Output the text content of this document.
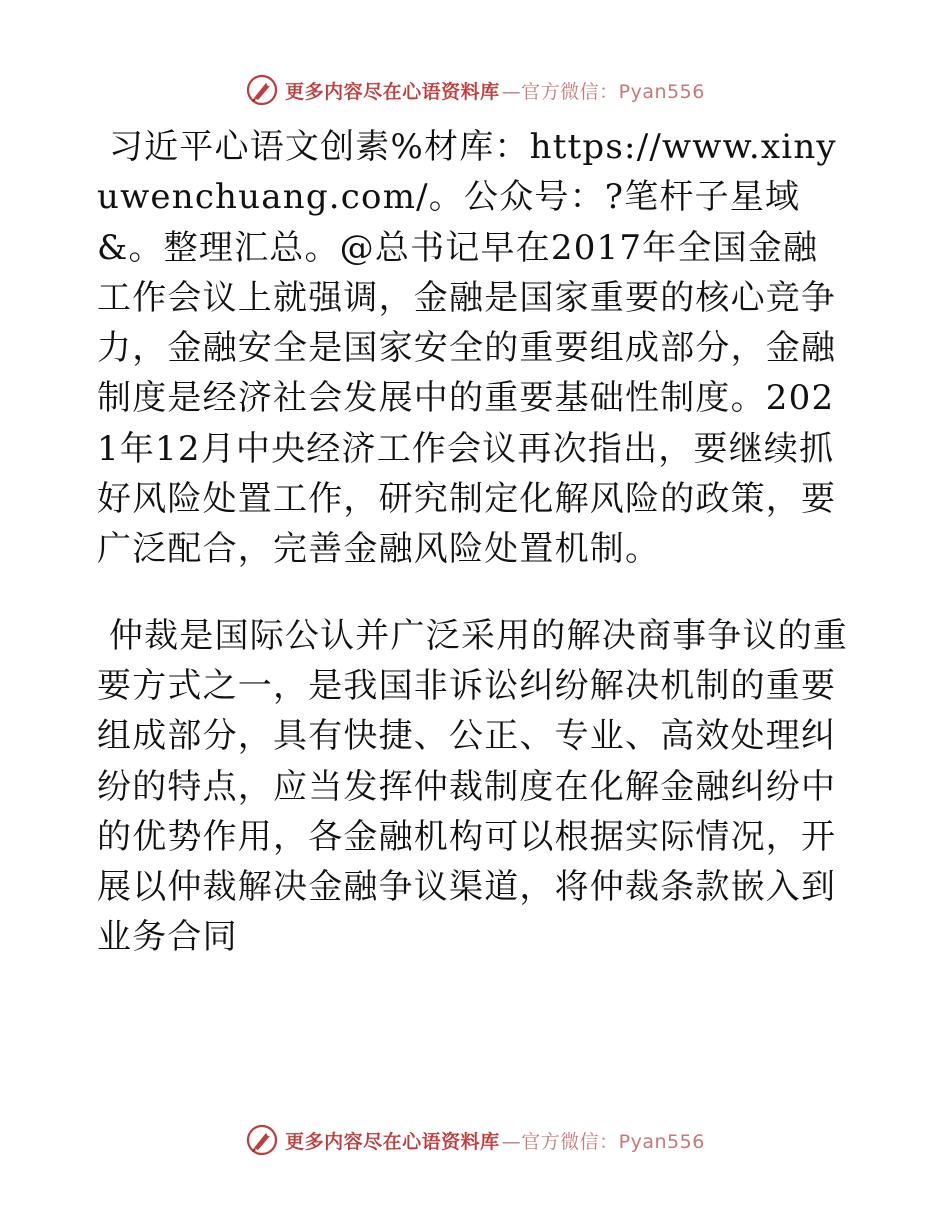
更多内容尽在心语资料库 —官方微信：Pyan556

习近平心语文创素%材库：https://www.xinyuwenchuang.com/。公众号：?笔杆子星域&。整理汇总。@总书记早在2017年全国金融工作会议上就强调，金融是国家重要的核心竞争力，金融安全是国家安全的重要组成部分，金融制度是经济社会发展中的重要基础性制度。2021年12月中央经济工作会议再次指出，要继续抓好风险处置工作，研究制定化解风险的政策，要广泛配合，完善金融风险处置机制。

仲裁是国际公认并广泛采用的解决商事争议的重要方式之一，是我国非诉讼纠纷解决机制的重要组成部分，具有快捷、公正、专业、高效处理纠纷的特点，应当发挥仲裁制度在化解金融纠纷中的优势作用，各金融机构可以根据实际情况，开展以仲裁解决金融争议渠道，将仲裁条款嵌入到业务合同

更多内容尽在心语资料库 —官方微信：Pyan556
